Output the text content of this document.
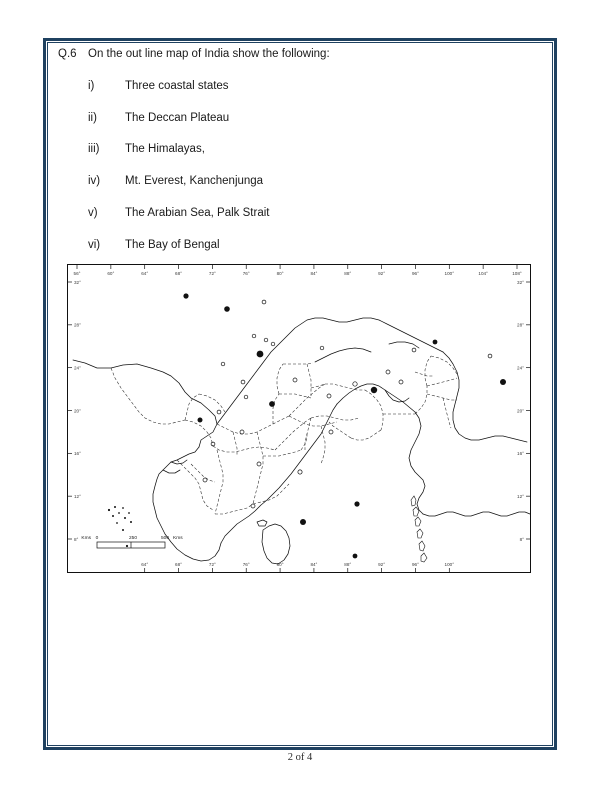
Q.6 On the out line map of India show the following:
i)	Three coastal states
ii)	The Deccan Plateau
iii)	The Himalayas,
iv)	Mt. Everest, Kanchenjunga
v)	The Arabian Sea, Palk Strait
vi)	The Bay of Bengal
56°	60°	64°	68°	72°	76°	80°	84°	88°	92°	96°	100°	104°	108°
64°	68°	72°	76°	80°	84°	88°	92°	96°	100°
32°
28°
24°
20°
16°
12°
8°
32°
28°
24°
20°
16°
12°
8°
Kms 0	250	500 Kms
2 of 4
